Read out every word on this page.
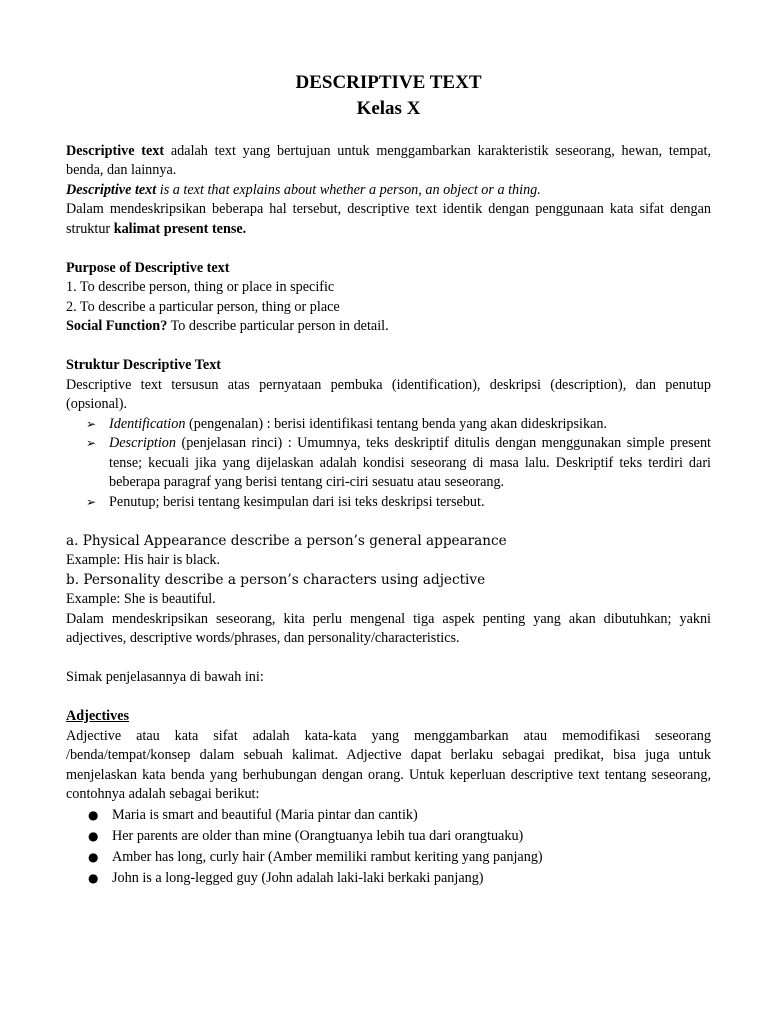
DESCRIPTIVE TEXT
Kelas X

Descriptive text adalah text yang bertujuan untuk menggambarkan karakteristik seseorang, hewan, tempat, benda, dan lainnya.

Descriptive text is a text that explains about whether a person, an object or a thing.

Dalam mendeskripsikan beberapa hal tersebut, descriptive text identik dengan penggunaan kata sifat dengan struktur kalimat present tense.

Purpose of Descriptive text

1. To describe person, thing or place in specific

2. To describe a particular person, thing or place

Social Function? To describe particular person in detail.

Struktur Descriptive Text

Descriptive text tersusun atas pernyataan pembuka (identification), deskripsi (description), dan penutup (opsional).

➢ Identification (pengenalan) : berisi identifikasi tentang benda yang akan dideskripsikan.
➢ Description (penjelasan rinci) : Umumnya, teks deskriptif ditulis dengan menggunakan simple present tense; kecuali jika yang dijelaskan adalah kondisi seseorang di masa lalu. Deskriptif teks terdiri dari beberapa paragraf yang berisi tentang ciri-ciri sesuatu atau seseorang.
➢ Penutup; berisi tentang kesimpulan dari isi teks deskripsi tersebut.

a. Physical Appearance describe a person’s general appearance

Example: His hair is black.

b. Personality describe a person’s characters using adjective

Example: She is beautiful.

Dalam mendeskripsikan seseorang, kita perlu mengenal tiga aspek penting yang akan dibutuhkan; yakni adjectives, descriptive words/phrases, dan personality/characteristics.

Simak penjelasannya di bawah ini:

Adjectives

Adjective atau kata sifat adalah kata-kata yang menggambarkan atau memodifikasi seseorang /benda/tempat/konsep dalam sebuah kalimat. Adjective dapat berlaku sebagai predikat, bisa juga untuk menjelaskan kata benda yang berhubungan dengan orang. Untuk keperluan descriptive text tentang seseorang, contohnya adalah sebagai berikut:

● Maria is smart and beautiful (Maria pintar dan cantik)
● Her parents are older than mine (Orangtuanya lebih tua dari orangtuaku)
● Amber has long, curly hair (Amber memiliki rambut keriting yang panjang)
● John is a long-legged guy (John adalah laki-laki berkaki panjang)
